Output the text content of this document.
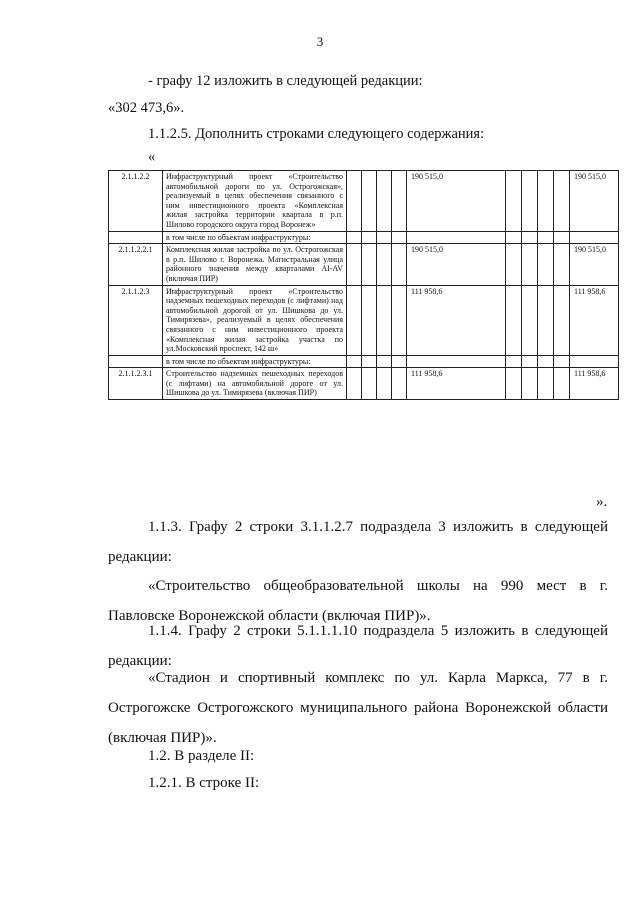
3
- графу 12 изложить в следующей редакции:
«302 473,6».
1.1.2.5. Дополнить строками следующего содержания:
«
2.1.1.2.2	Инфраструктурный проект «Строительство автомобильной дороги по ул. Острогожская», реализуемый в целях обеспечения связанного с ним инвестиционного проекта «Комплексная жилая застройка территории квартала в р.п. Шилово городского округа город Воронеж»					190 515,0					190 515,0
	в том числе по объектам инфраструктуры:										
2.1.1.2.2.1	Комплексная жилая застройка по ул. Острогожская в р.п. Шилово г. Воронежа. Магистральная улица районного значения между кварталами AI-AV (включая ПИР)					190 515,0					190 515,0
2.1.1.2.3	Инфраструктурный проект «Строительство надземных пешеходных переходов (с лифтами) над автомобильной дорогой от ул. Шишкова до ул. Тимирязева», реализуемый в целях обеспечения связанного с ним инвестиционного проекта «Комплексная жилая застройка участка по ул.Московский проспект, 142 ш»					111 958,6					111 958,6
	в том числе по объектам инфраструктуры:										
2.1.1.2.3.1	Строительство надземных пешеходных переходов (с лифтами) на автомобильной дороге от ул. Шишкова до ул. Тимирязева (включая ПИР)					111 958,6					111 958,6
».
1.1.3. Графу 2 строки 3.1.1.2.7 подраздела 3 изложить в следующей редакции:
«Строительство общеобразовательной школы на 990 мест в г. Павловске Воронежской области (включая ПИР)».
1.1.4. Графу 2 строки 5.1.1.1.10 подраздела 5 изложить в следующей редакции:
«Стадион и спортивный комплекс по ул. Карла Маркса, 77 в г. Острогожске Острогожского муниципального района Воронежской области (включая ПИР)».
1.2. В разделе II:
1.2.1. В строке II:
